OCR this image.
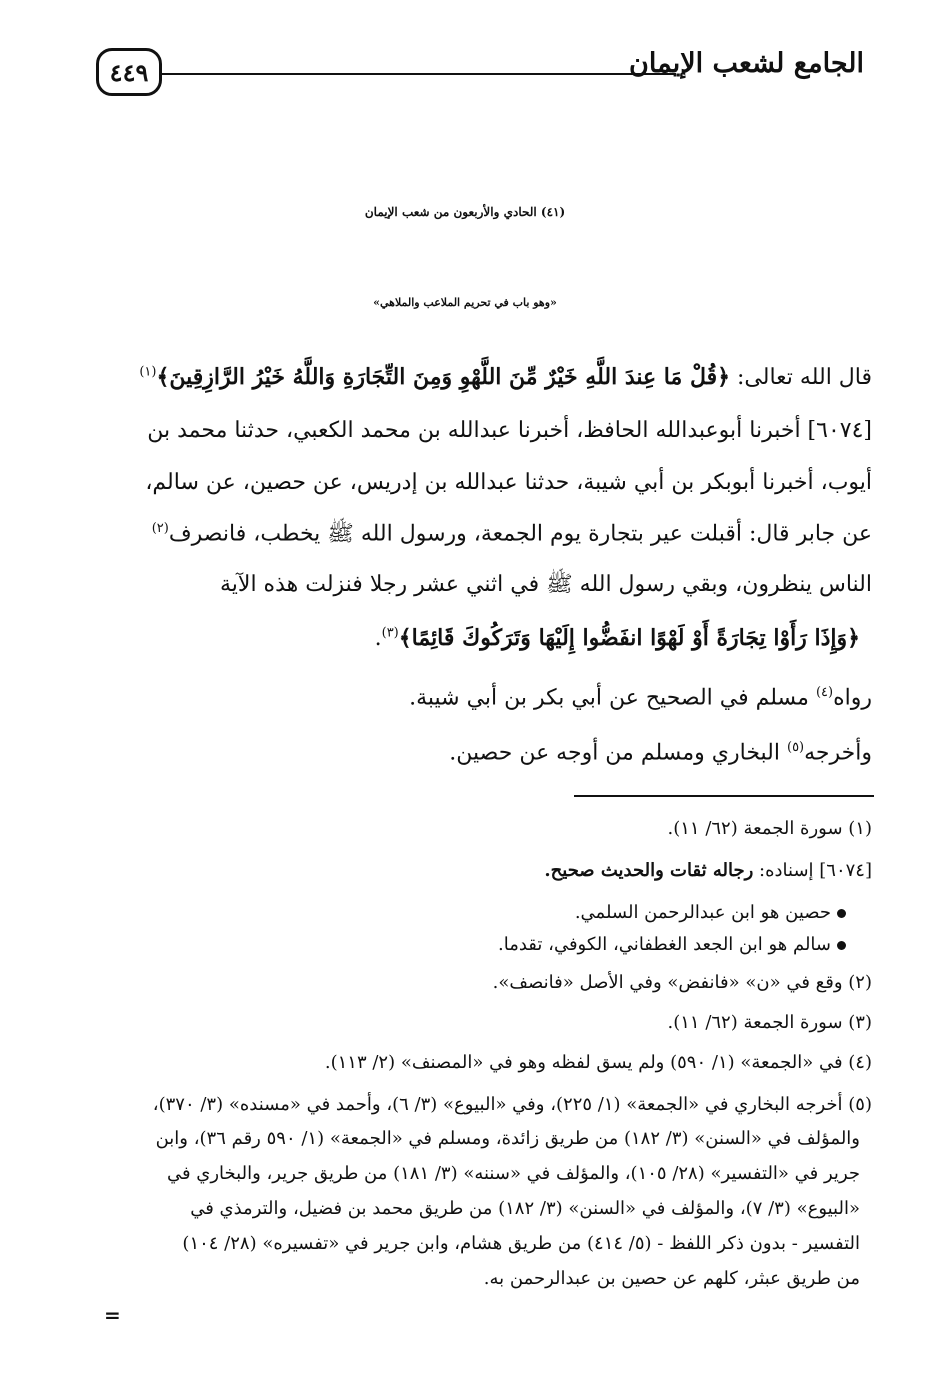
الجامع لشعب الإيمان
٤٤٩
(٤١) الحادي والأربعون من شعب الإيمان
«وهو باب في تحريم الملاعب والملاهي»
قال الله تعالى: ﴿قُلْ مَا عِندَ اللَّهِ خَيْرٌ مِّنَ اللَّهْوِ وَمِنَ التِّجَارَةِ وَاللَّهُ خَيْرُ الرَّازِقِينَ﴾$^{(١)}$
[٦٠٧٤] أخبرنا أبوعبدالله الحافظ، أخبرنا عبدالله بن محمد الكعبي، حدثنا محمد بن
أيوب، أخبرنا أبوبكر بن أبي شيبة، حدثنا عبدالله بن إدريس، عن حصين، عن سالم،
عن جابر قال: أقبلت عير بتجارة يوم الجمعة، ورسول الله ﷺ يخطب، فانصرف$^{(٢)}$
الناس ينظرون، وبقي رسول الله ﷺ في اثني عشر رجلا فنزلت هذه الآية
﴿وَإِذَا رَأَوْا تِجَارَةً أَوْ لَهْوًا انفَضُّوا إِلَيْهَا وَتَرَكُوكَ قَائِمًا﴾$^{(٣)}$.
رواه$^{(٤)}$ مسلم في الصحيح عن أبي بكر بن أبي شيبة.
وأخرجه$^{(٥)}$ البخاري ومسلم من أوجه عن حصين.
(١) سورة الجمعة (٦٢/ ١١).
[٦٠٧٤] إسناده: رجاله ثقات والحديث صحيح.
حصين هو ابن عبدالرحمن السلمي.
سالم هو ابن الجعد الغطفاني، الكوفي، تقدما.
(٢) وقع في «ن» «فانفض» وفي الأصل «فانصف».
(٣) سورة الجمعة (٦٢/ ١١).
(٤) في «الجمعة» (١/ ٥٩٠) ولم يسق لفظه وهو في «المصنف» (٢/ ١١٣).
(٥) أخرجه البخاري في «الجمعة» (١/ ٢٢٥)، وفي «البيوع» (٣/ ٦)، وأحمد في «مسنده» (٣/ ٣٧٠)،
والمؤلف في «السنن» (٣/ ١٨٢) من طريق زائدة، ومسلم في «الجمعة» (١/ ٥٩٠ رقم ٣٦)، وابن
جرير في «التفسير» (٢٨/ ١٠٥)، والمؤلف في «سننه» (٣/ ١٨١) من طريق جرير، والبخاري في
«البيوع» (٣/ ٧)، والمؤلف في «السنن» (٣/ ١٨٢) من طريق محمد بن فضيل، والترمذي في
التفسير - بدون ذكر اللفظ - (٥/ ٤١٤) من طريق هشام، وابن جرير في «تفسيره» (٢٨/ ١٠٤)
من طريق عبثر، كلهم عن حصين بن عبدالرحمن به.
=
